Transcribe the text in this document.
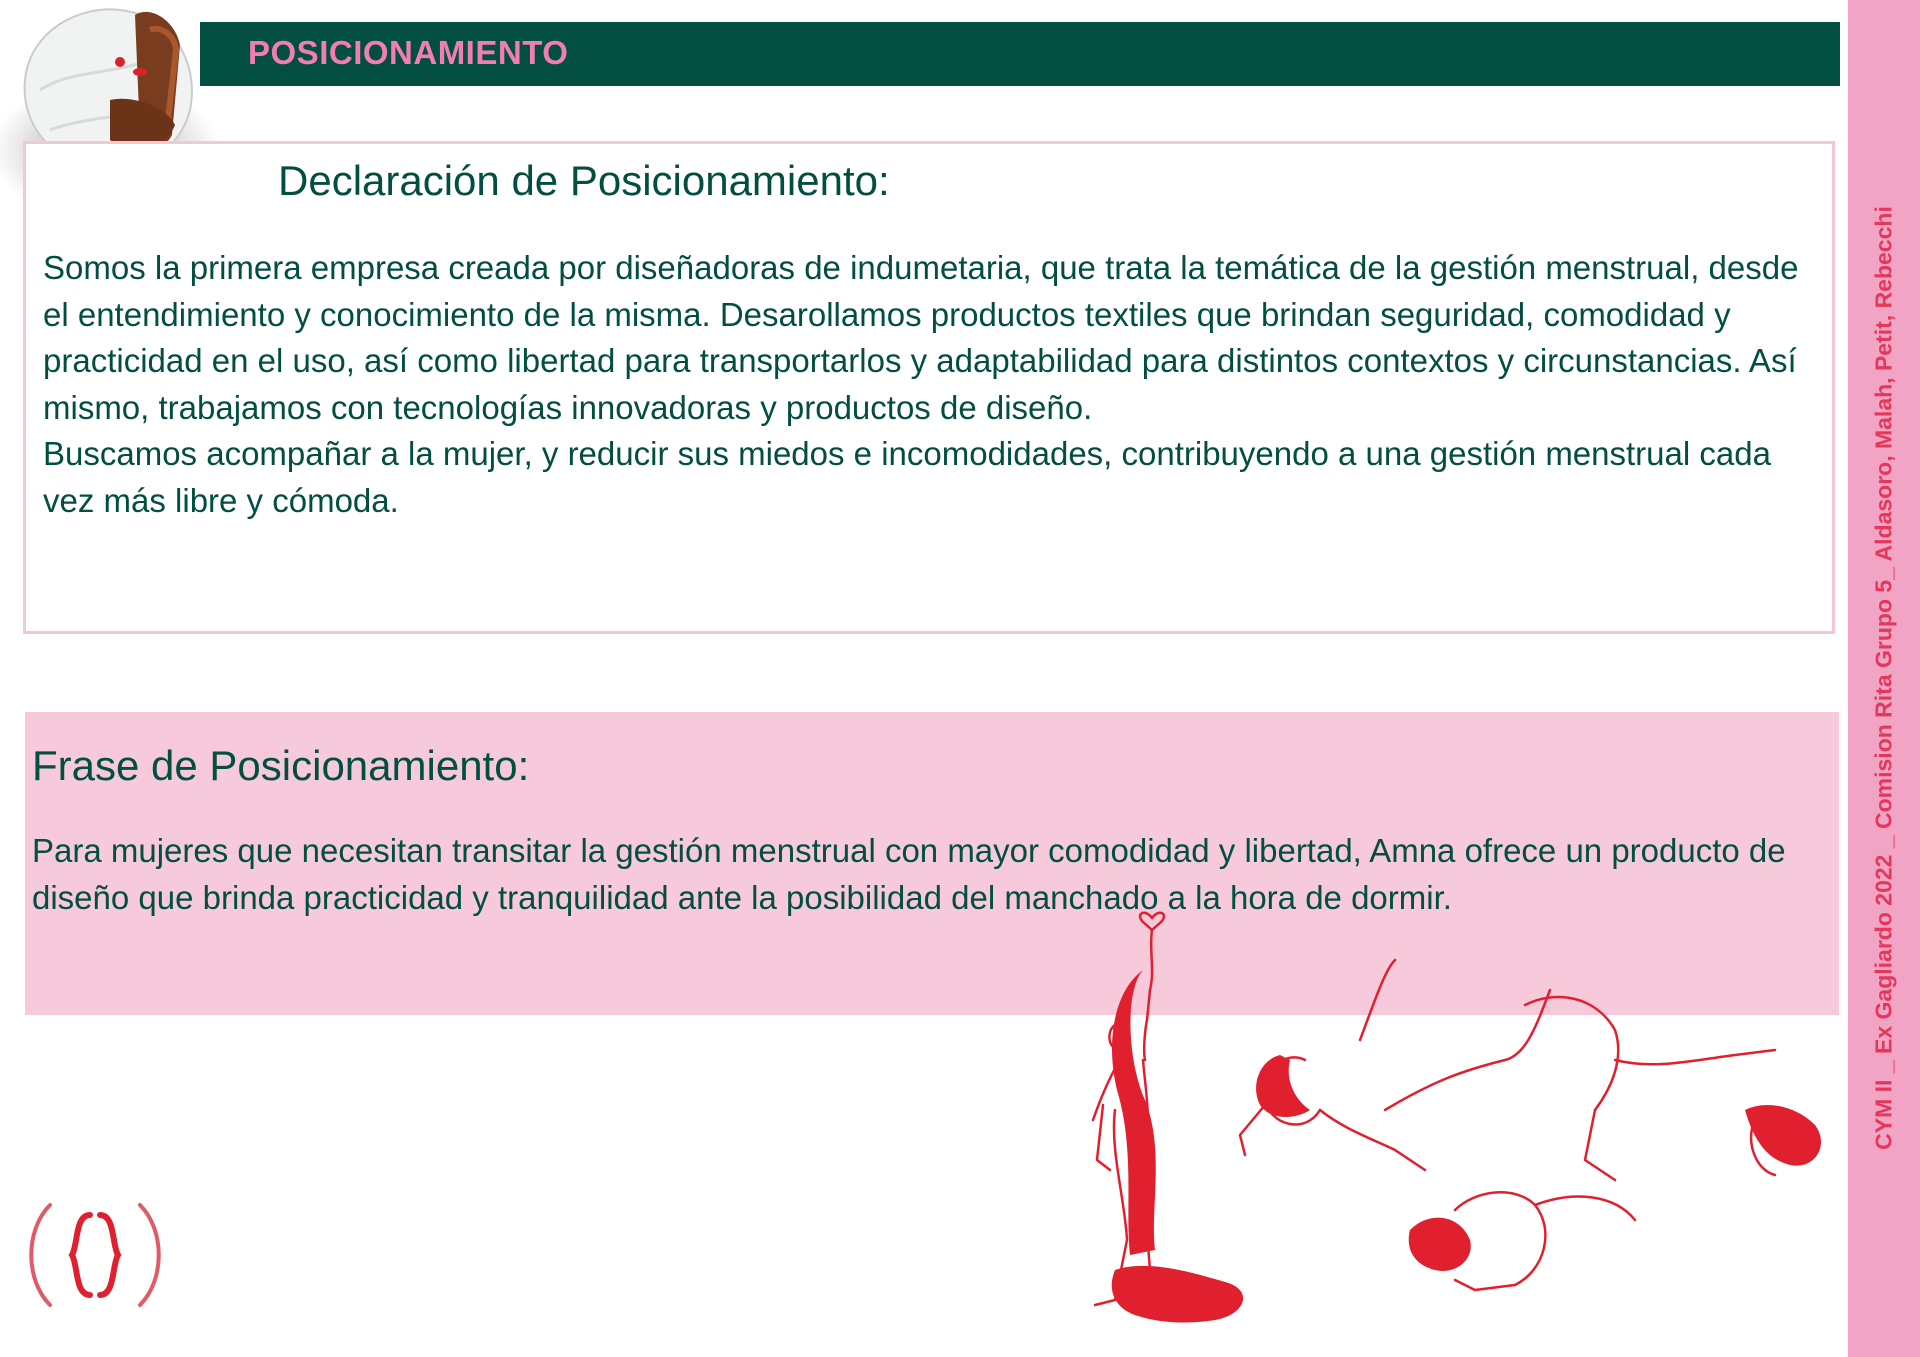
POSICIONAMIENTO
CYM II _ Ex Gagliardo 2022 _ Comision Rita Grupo 5_ Aldasoro, Malah, Petit, Rebecchi
Declaración de Posicionamiento:

Somos la primera empresa creada por diseñadoras de indumetaria, que trata la temática de la gestión menstrual, desde el entendimiento y conocimiento de la misma. Desarollamos productos textiles que brindan seguridad, comodidad y practicidad en el uso, así como libertad para transportarlos y adaptabilidad para distintos contextos y circunstancias. Así mismo, trabajamos con tecnologías innovadoras y productos de diseño.

Buscamos acompañar a la mujer, y reducir sus miedos e incomodidades, contribuyendo a una gestión menstrual cada vez más libre y cómoda.

Frase de Posicionamiento:
Para mujeres que necesitan transitar la gestión menstrual con mayor comodidad y libertad, Amna ofrece un producto de diseño que brinda practicidad y tranquilidad ante la posibilidad del manchado a la hora de dormir.
